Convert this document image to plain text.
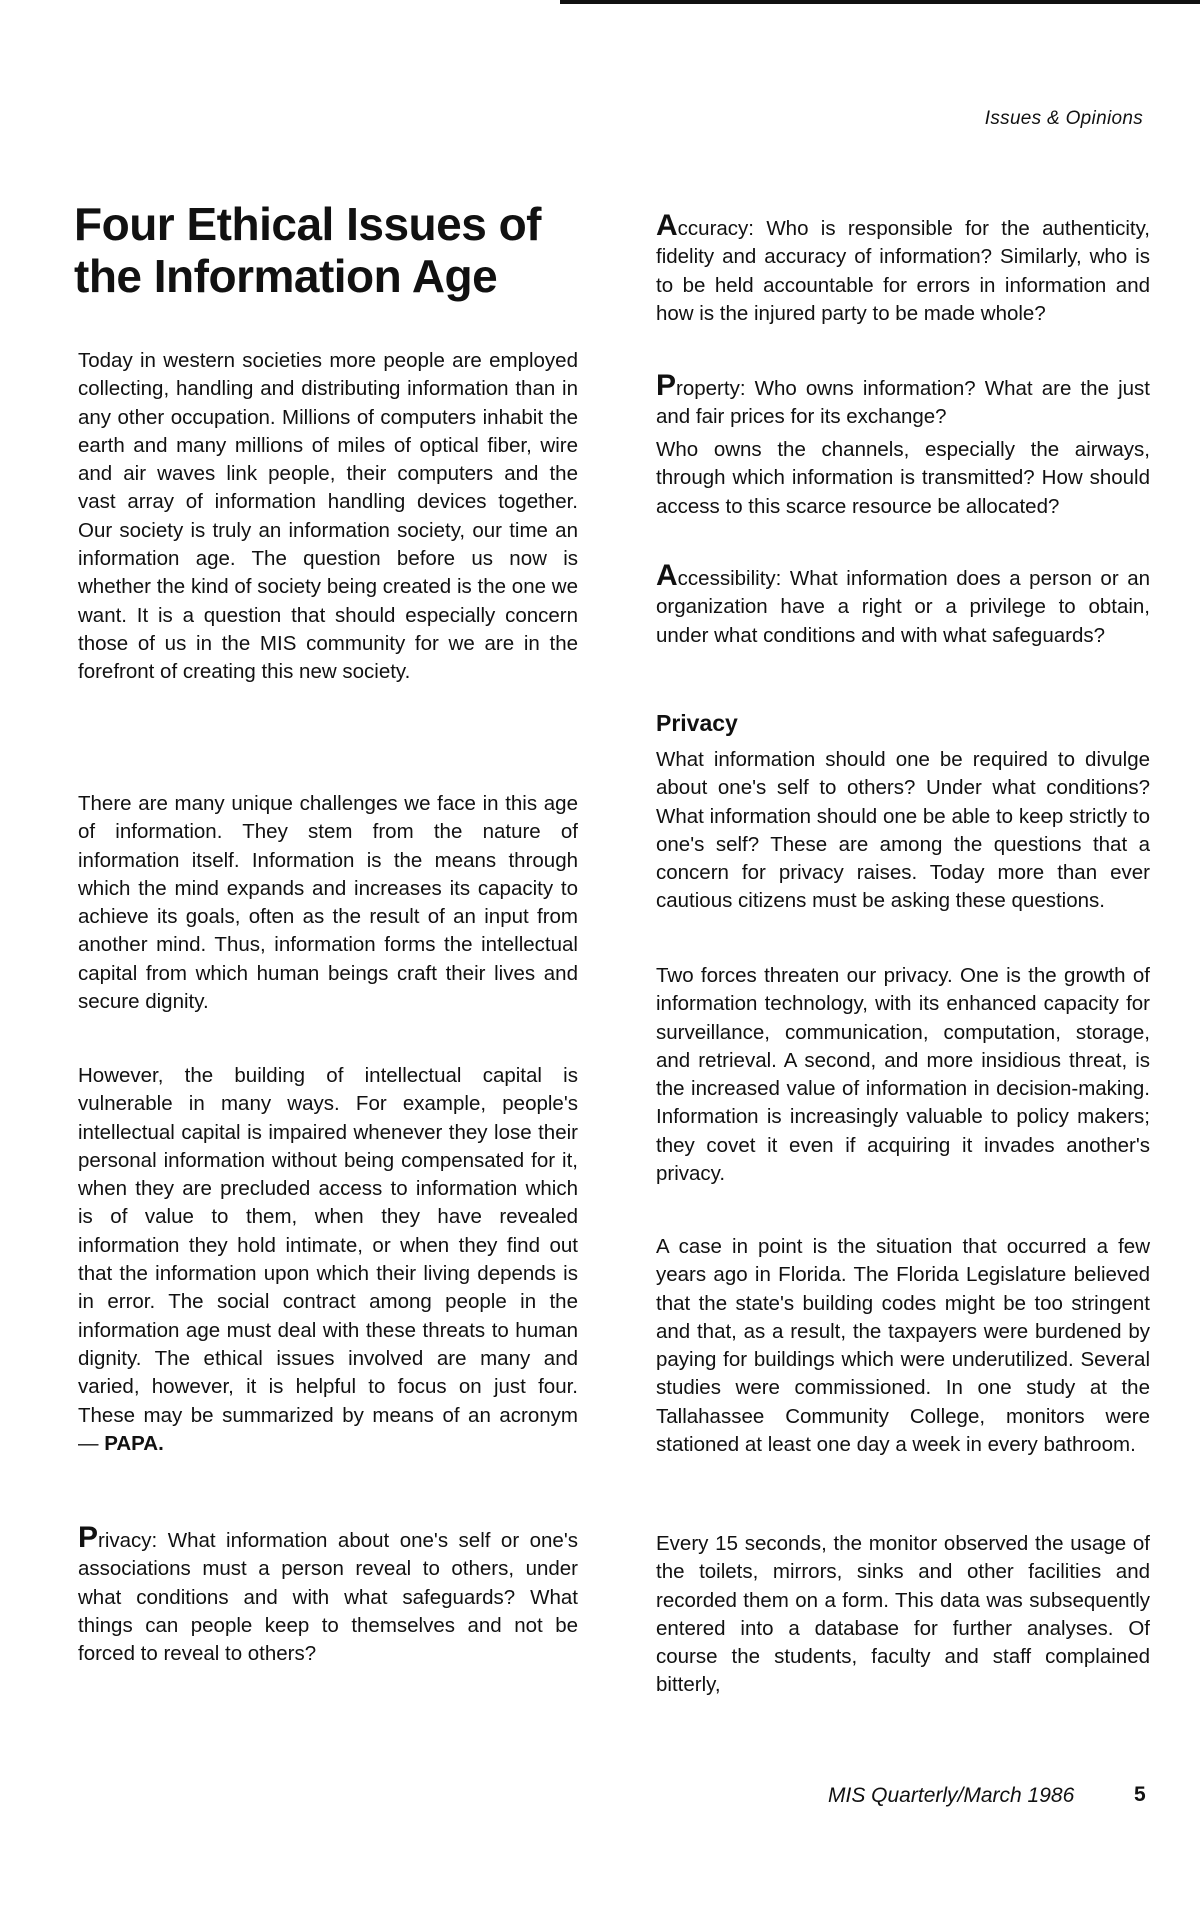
Issues & Opinions
Four Ethical Issues of the Information Age

Today in western societies more people are employed collecting, handling and distributing information than in any other occupation. Millions of computers inhabit the earth and many millions of miles of optical fiber, wire and air waves link people, their computers and the vast array of information handling devices together. Our society is truly an information society, our time an information age. The question before us now is whether the kind of society being created is the one we want. It is a question that should especially concern those of us in the MIS community for we are in the forefront of creating this new society.

There are many unique challenges we face in this age of information. They stem from the nature of information itself. Information is the means through which the mind expands and increases its capacity to achieve its goals, often as the result of an input from another mind. Thus, information forms the intellectual capital from which human beings craft their lives and secure dignity.

However, the building of intellectual capital is vulnerable in many ways. For example, people's intellectual capital is impaired whenever they lose their personal information without being compensated for it, when they are precluded access to information which is of value to them, when they have revealed information they hold intimate, or when they find out that the information upon which their living depends is in error. The social contract among people in the information age must deal with these threats to human dignity. The ethical issues involved are many and varied, however, it is helpful to focus on just four. These may be summarized by means of an acronym — PAPA.

Privacy: What information about one's self or one's associations must a person reveal to others, under what conditions and with what safeguards? What things can people keep to themselves and not be forced to reveal to others?

Accuracy: Who is responsible for the authenticity, fidelity and accuracy of information? Similarly, who is to be held accountable for errors in information and how is the injured party to be made whole?

Property: Who owns information? What are the just and fair prices for its exchange?

Who owns the channels, especially the airways, through which information is transmitted? How should access to this scarce resource be allocated?

Accessibility: What information does a person or an organization have a right or a privilege to obtain, under what conditions and with what safeguards?

Privacy

What information should one be required to divulge about one's self to others? Under what conditions? What information should one be able to keep strictly to one's self? These are among the questions that a concern for privacy raises. Today more than ever cautious citizens must be asking these questions.

Two forces threaten our privacy. One is the growth of information technology, with its enhanced capacity for surveillance, communication, computation, storage, and retrieval. A second, and more insidious threat, is the increased value of information in decision-making. Information is increasingly valuable to policy makers; they covet it even if acquiring it invades another's privacy.

A case in point is the situation that occurred a few years ago in Florida. The Florida Legislature believed that the state's building codes might be too stringent and that, as a result, the taxpayers were burdened by paying for buildings which were underutilized. Several studies were commissioned. In one study at the Tallahassee Community College, monitors were stationed at least one day a week in every bathroom.

Every 15 seconds, the monitor observed the usage of the toilets, mirrors, sinks and other facilities and recorded them on a form. This data was subsequently entered into a database for further analyses. Of course the students, faculty and staff complained bitterly,

MIS Quarterly/March 1986	5
